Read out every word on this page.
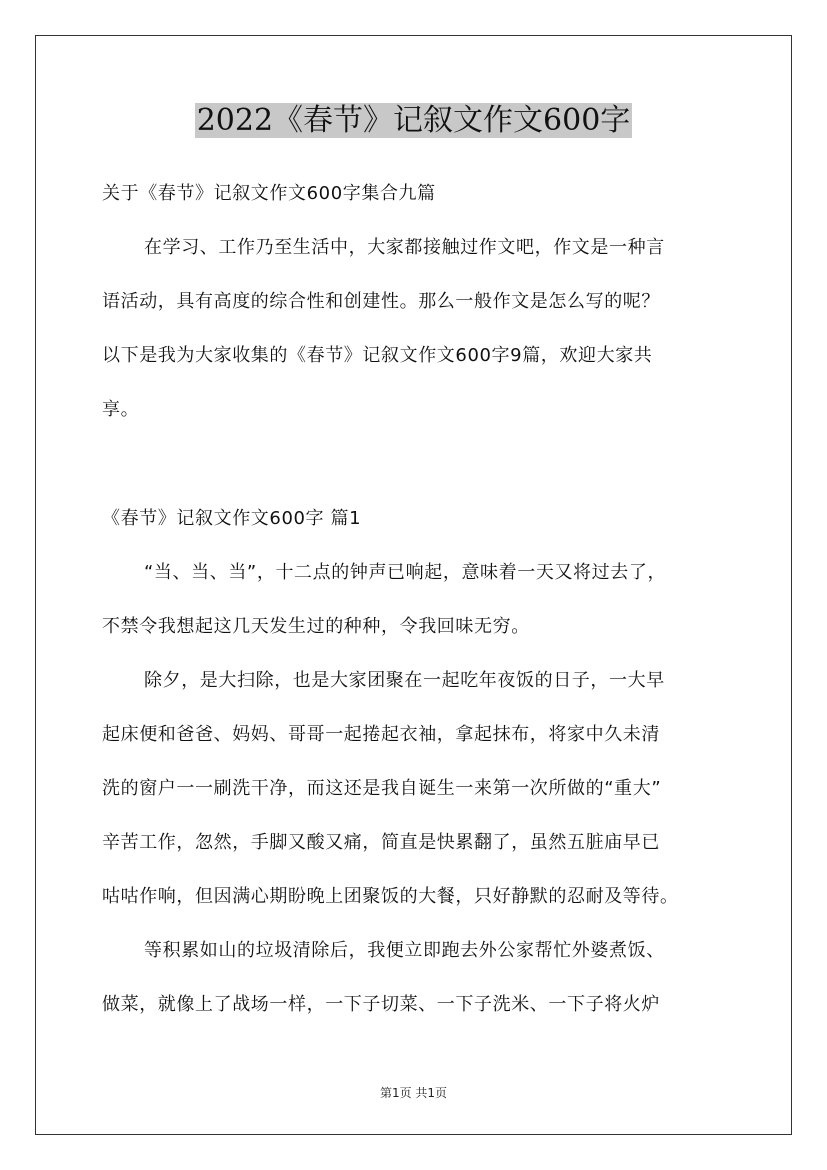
2022《春节》记叙文作文600字
关于《春节》记叙文作文600字集合九篇
在学习、工作乃至生活中，大家都接触过作文吧，作文是一种言
语活动，具有高度的综合性和创建性。那么一般作文是怎么写的呢？
以下是我为大家收集的《春节》记叙文作文600字9篇，欢迎大家共
享。
《春节》记叙文作文600字 篇1
“当、当、当”，十二点的钟声已响起，意味着一天又将过去了，
不禁令我想起这几天发生过的种种，令我回味无穷。
除夕，是大扫除，也是大家团聚在一起吃年夜饭的日子，一大早
起床便和爸爸、妈妈、哥哥一起捲起衣袖，拿起抹布，将家中久未清
洗的窗户一一刷洗干净，而这还是我自诞生一来第一次所做的“重大”
辛苦工作，忽然，手脚又酸又痛，简直是快累翻了，虽然五脏庙早已
咕咕作响，但因满心期盼晚上团聚饭的大餐，只好静默的忍耐及等待。
等积累如山的垃圾清除后，我便立即跑去外公家帮忙外婆煮饭、
做菜，就像上了战场一样，一下子切菜、一下子洗米、一下子将火炉
第1页 共1页
